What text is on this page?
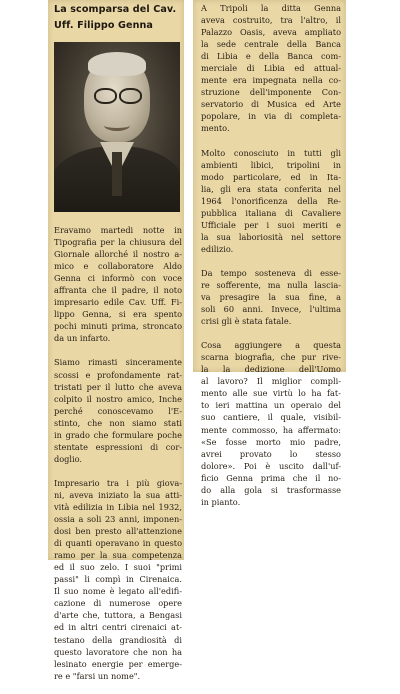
La scomparsa del Cav.
Uff. Filippo Genna
Eravamo martedi notte in
Tipografia per la chiusura del
Giornale allorché il nostro a-
mico e collaboratore Aldo
Genna ci informò con voce
affranta che il padre, il noto
impresario edile Cav. Uff. Fi-
lippo Genna, si era spento
pochi minuti prima, stroncato
da un infarto.
Siamo rimasti sinceramente
scossi e profondamente rat-
tristati per il lutto che aveva
colpito il nostro amico, Inche
perché conoscevamo l'E-
stinto, che non siamo stati
in grado che formulare poche
stentate espressioni di cor-
doglio.
Impresario tra i più giova-
ni, aveva iniziato la sua atti-
vità edilizia in Libia nel 1932,
ossia a soli 23 anni, imponen-
dosi ben presto all'attenzione
di quanti operavano in questo
ramo per la sua competenza
ed il suo zelo. I suoi "primi
passi" li compì in Cirenaica.
Il suo nome è legato all'edifi-
cazione di numerose opere
d'arte che, tuttora, a Bengasi
ed in altri centri cirenaici at-
testano della grandiosità di
questo lavoratore che non ha
lesinato energie per emerge-
re e "farsi un nome".
A Tripoli la ditta Genna
aveva costruito, tra l'altro, il
Palazzo Oasis, aveva ampliato
la sede centrale della Banca
di Libia e della Banca com-
merciale di Libia ed attual-
mente era impegnata nella co-
struzione dell'imponente Con-
servatorio di Musica ed Arte
popolare, in via di completa-
mento.
Molto conosciuto in tutti gli
ambienti libici, tripolini in
modo particolare, ed in Ita-
lia, gli era stata conferita nel
1964 l'onorificenza della Re-
pubblica italiana di Cavaliere
Ufficiale per i suoi meriti e
la sua laboriosità nel settore
edilizio.
Da tempo sosteneva di esse-
re sofferente, ma nulla lascia-
va presagire la sua fine, a
soli 60 anni. Invece, l'ultima
crisi gli è stata fatale.
Cosa aggiungere a questa
scarna biografia, che pur rive-
la la dedizione dell'Uomo
al lavoro? Il miglior compli-
mento alle sue virtù lo ha fat-
to ieri mattina un operaio del
suo cantiere, il quale, visibil-
mente commosso, ha affermato:
«Se fosse morto mio padre,
avrei provato lo stesso
dolore». Poi è uscito dall'uf-
ficio Genna prima che il no-
do alla gola si trasformasse
in pianto.
